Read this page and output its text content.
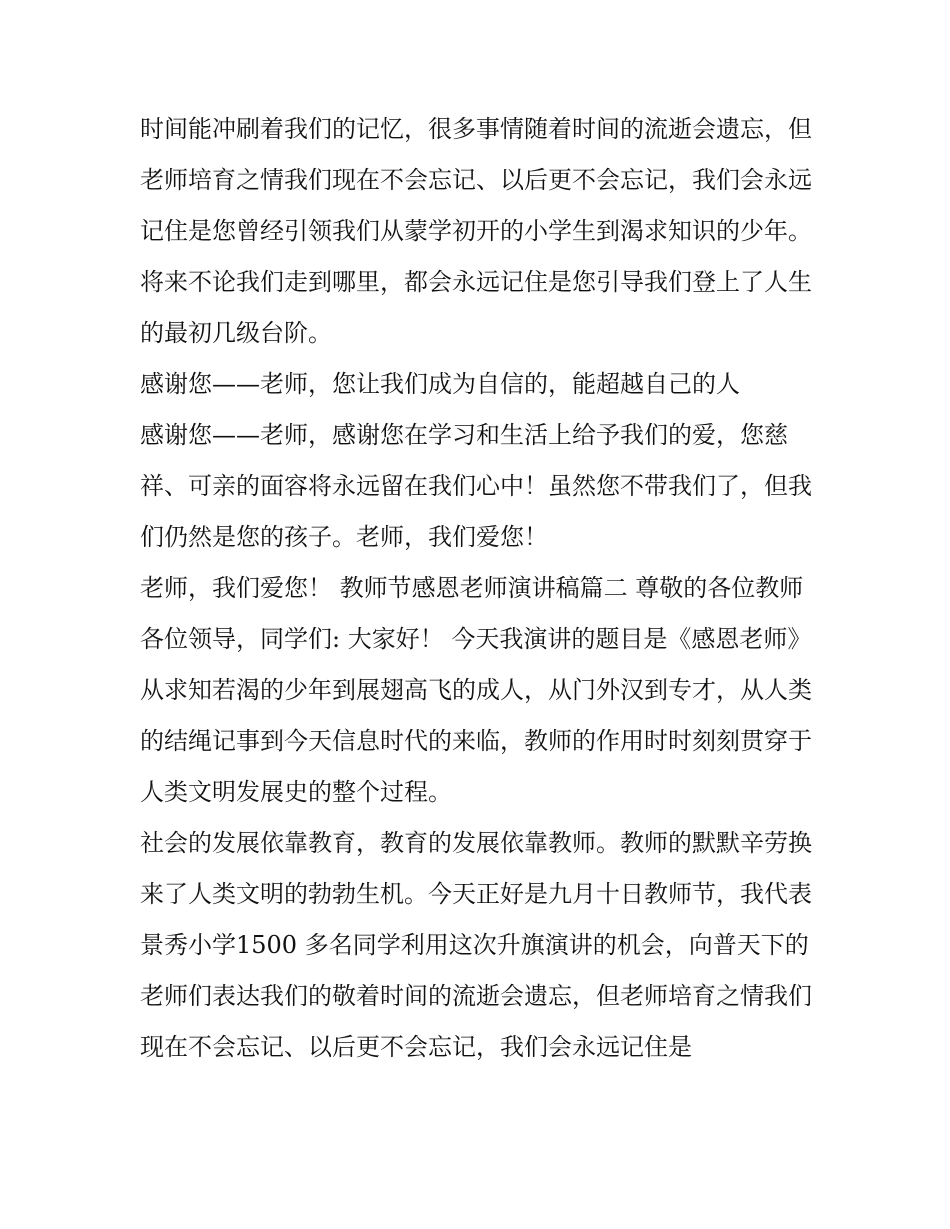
时间能冲刷着我们的记忆，很多事情随着时间的流逝会遗忘，但老师培育之情我们现在不会忘记、以后更不会忘记，我们会永远记住是您曾经引领我们从蒙学初开的小学生到渴求知识的少年。将来不论我们走到哪里，都会永远记住是您引导我们登上了人生的最初几级台阶。

感谢您——老师，您让我们成为自信的，能超越自己的人

感谢您——老师，感谢您在学习和生活上给予我们的爱，您慈祥、可亲的面容将永远留在我们心中！虽然您不带我们了，但我们仍然是您的孩子。老师，我们爱您！

老师，我们爱您！ 教师节感恩老师演讲稿篇二 尊敬的各位教师各位领导，同学们: 大家好！ 今天我演讲的题目是《感恩老师》

从求知若渴的少年到展翅高飞的成人，从门外汉到专才，从人类的结绳记事到今天信息时代的来临，教师的作用时时刻刻贯穿于人类文明发展史的整个过程。

社会的发展依靠教育，教育的发展依靠教师。教师的默默辛劳换来了人类文明的勃勃生机。今天正好是九月十日教师节，我代表景秀小学1500 多名同学利用这次升旗演讲的机会，向普天下的老师们表达我们的敬着时间的流逝会遗忘，但老师培育之情我们现在不会忘记、以后更不会忘记，我们会永远记住是
